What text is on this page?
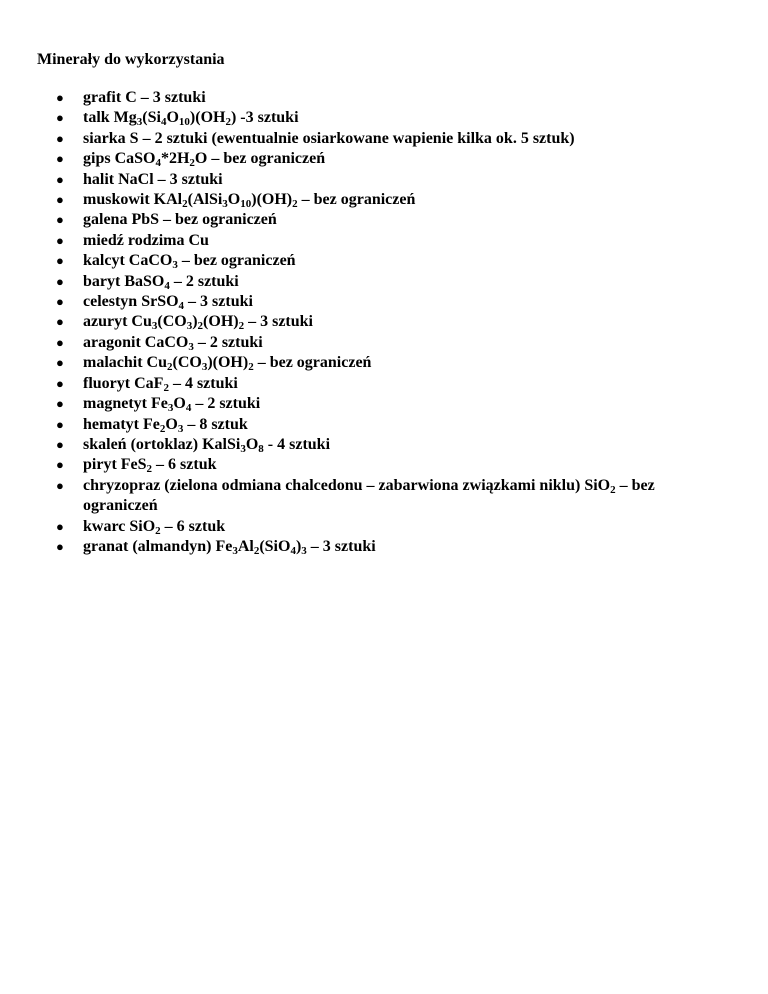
Minerały do wykorzystania
● grafit C – 3 sztuki
● talk $Mg_3(Si_4O_{10})(OH_2)$ -3 sztuki
● siarka S – 2 sztuki (ewentualnie osiarkowane wapienie kilka ok. 5 sztuk)
● gips $CaSO_4*2H_2O$ – bez ograniczeń
● halit NaCl – 3 sztuki
● muskowit $KAl_2(AlSi_3O_{10})(OH)_2$ – bez ograniczeń
● galena PbS – bez ograniczeń
● miedź rodzima Cu
● kalcyt CaCO$_3$ – bez ograniczeń
● baryt BaSO$_4$ – 2 sztuki
● celestyn SrSO$_4$ – 3 sztuki
● azuryt $Cu_3(CO_3)_2(OH)_2 - 3$ sztuki
● aragonit CaCO$_3$ – 2 sztuki
● malachit $Cu_2(CO_3)(OH)_2$ – bez ograniczeń
● fluoryt CaF$_2$ – 4 sztuki
● magnetyt $Fe_3O_4 - 2$ sztuki
● hematyt $Fe_2O_3 - 8$ sztuk
● skaleń (ortoklaz) $KalSi_3O_8 - 4$ sztuki
● piryt FeS$_2$ – 6 sztuk
● chryzopraz (zielona odmiana chalcedonu – zabarwiona związkami niklu) SiO$_2$ – bez ograniczeń
● kwarc SiO$_2$ – 6 sztuk
● granat (almandyn) $Fe_3Al_2(SiO_4)_3 - 3$ sztuki
